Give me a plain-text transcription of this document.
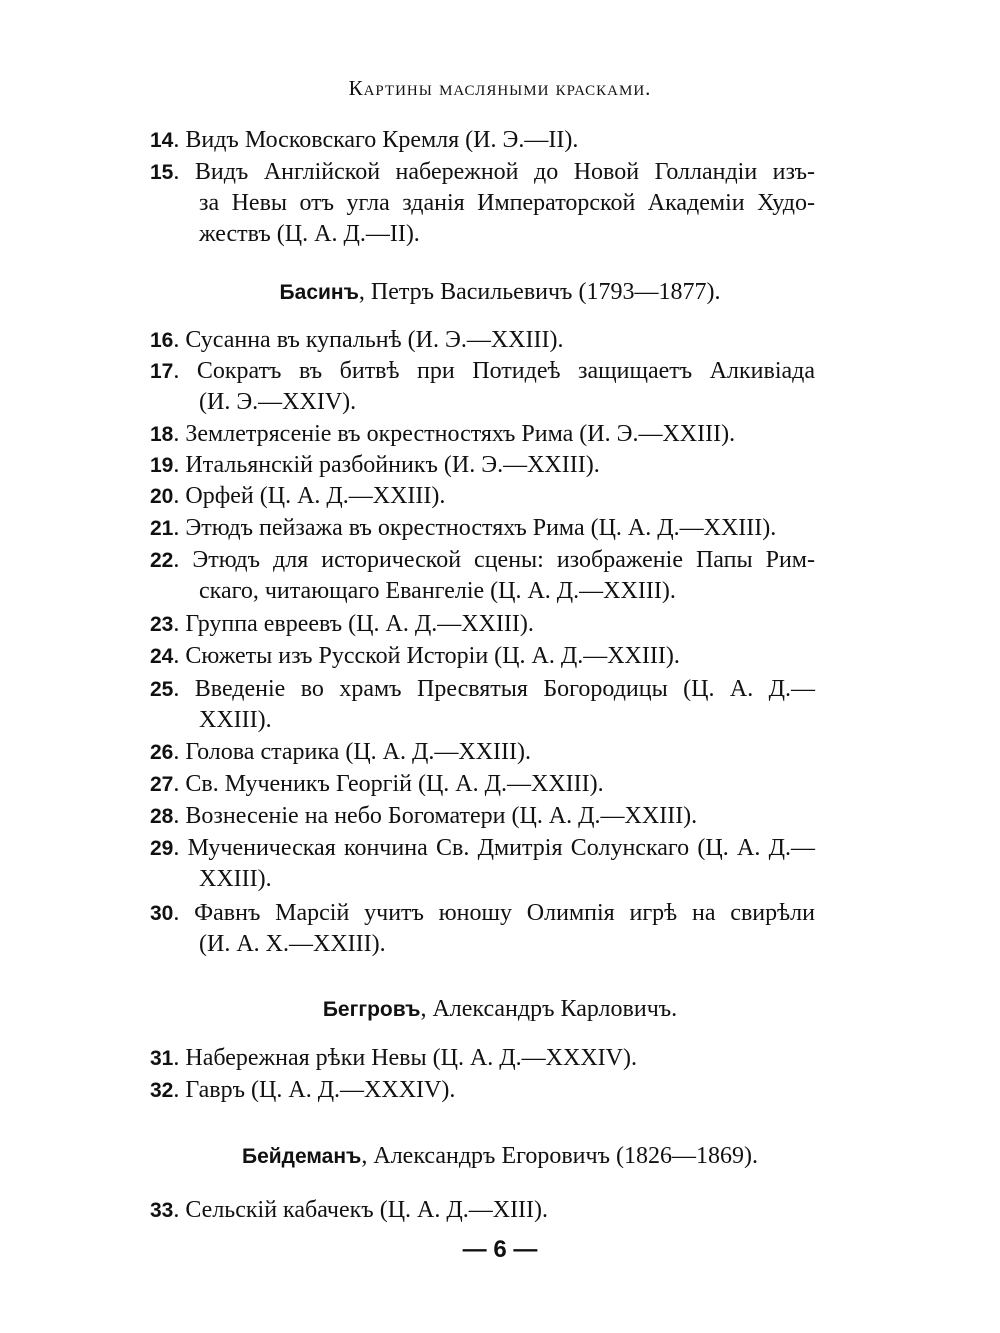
Картины масляными красками.
14. Видъ Московскаго Кремля (И. Э.—II).
15. Видъ Англійской набережной до Новой Голландіи изъ-
за Невы отъ угла зданія Императорской Академіи Худо-
жествъ (Ц. А. Д.—II).
Басинъ, Петръ Васильевичъ (1793—1877).
16. Сусанна въ купальнѣ (И. Э.—XXIII).
17. Сократъ въ битвѣ при Потидеѣ защищаетъ Алкивіада
(И. Э.—XXIV).
18. Землетрясеніе въ окрестностяхъ Рима (И. Э.—XXIII).
19. Итальянскій разбойникъ (И. Э.—XXIII).
20. Орфей (Ц. А. Д.—XXIII).
21. Этюдъ пейзажа въ окрестностяхъ Рима (Ц. А. Д.—XXIII).
22. Этюдъ для исторической сцены: изображеніе Папы Рим-
скаго, читающаго Евангеліе (Ц. А. Д.—XXIII).
23. Группа евреевъ (Ц. А. Д.—XXIII).
24. Сюжеты изъ Русской Исторіи (Ц. А. Д.—XXIII).
25. Введеніе во храмъ Пресвятыя Богородицы (Ц. А. Д.—
XXIII).
26. Голова старика (Ц. А. Д.—XXIII).
27. Св. Мученикъ Георгій (Ц. А. Д.—XXIII).
28. Вознесеніе на небо Богоматери (Ц. А. Д.—XXIII).
29. Мученическая кончина Св. Дмитрія Солунскаго (Ц. А. Д.—
XXIII).
30. Фавнъ Марсій учитъ юношу Олимпія игрѣ на свирѣли
(И. А. Х.—XXIII).
Беггровъ, Александръ Карловичъ.
31. Набережная рѣки Невы (Ц. А. Д.—XXXIV).
32. Гавръ (Ц. А. Д.—XXXIV).
Бейдеманъ, Александръ Егоровичъ (1826—1869).
33. Сельскій кабачекъ (Ц. А. Д.—XIII).
— 6 —
